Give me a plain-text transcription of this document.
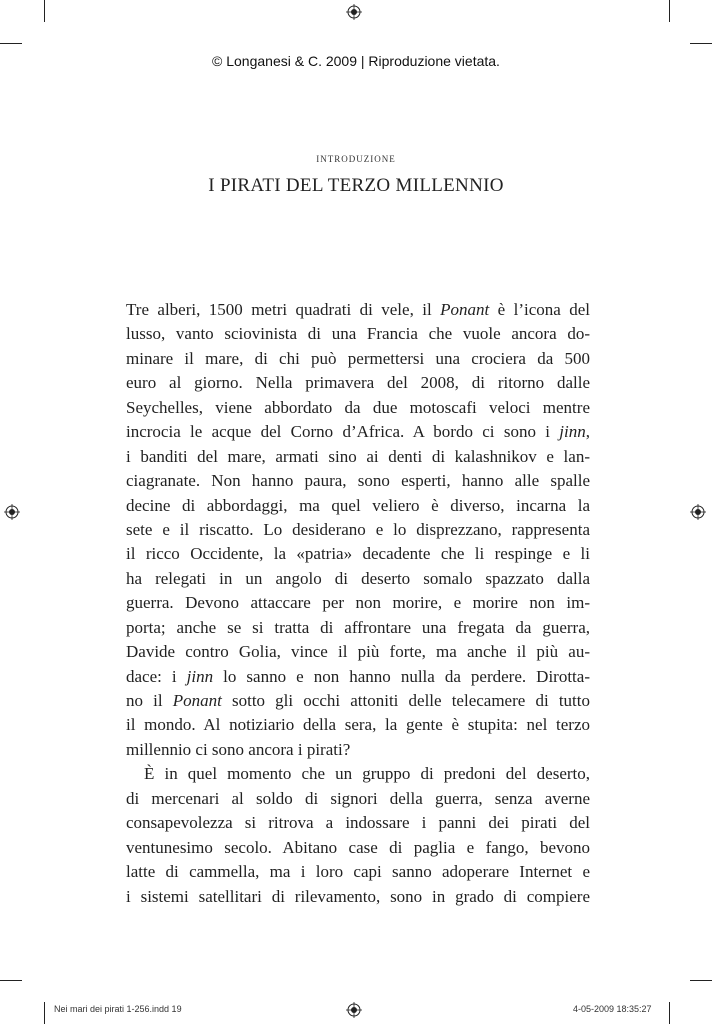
© Longanesi & C. 2009 | Riproduzione vietata.
introduzione
I PIRATI DEL TERZO MILLENNIO
Tre alberi, 1500 metri quadrati di vele, il Ponant è l’icona del
lusso, vanto sciovinista di una Francia che vuole ancora do-
minare il mare, di chi può permettersi una crociera da 500
euro al giorno. Nella primavera del 2008, di ritorno dalle
Seychelles, viene abbordato da due motoscafi veloci mentre
incrocia le acque del Corno d’Africa. A bordo ci sono i jinn,
i banditi del mare, armati sino ai denti di kalashnikov e lan-
ciagranate. Non hanno paura, sono esperti, hanno alle spalle
decine di abbordaggi, ma quel veliero è diverso, incarna la
sete e il riscatto. Lo desiderano e lo disprezzano, rappresenta
il ricco Occidente, la «patria» decadente che li respinge e li
ha relegati in un angolo di deserto somalo spazzato dalla
guerra. Devono attaccare per non morire, e morire non im-
porta; anche se si tratta di affrontare una fregata da guerra,
Davide contro Golia, vince il più forte, ma anche il più au-
dace: i jinn lo sanno e non hanno nulla da perdere. Dirotta-
no il Ponant sotto gli occhi attoniti delle telecamere di tutto
il mondo. Al notiziario della sera, la gente è stupita: nel terzo
millennio ci sono ancora i pirati?
È in quel momento che un gruppo di predoni del deserto,
di mercenari al soldo di signori della guerra, senza averne
consapevolezza si ritrova a indossare i panni dei pirati del
ventunesimo secolo. Abitano case di paglia e fango, bevono
latte di cammella, ma i loro capi sanno adoperare Internet e
i sistemi satellitari di rilevamento, sono in grado di compiere
Nei mari dei pirati 1-256.indd 19	4-05-2009 18:35:27
